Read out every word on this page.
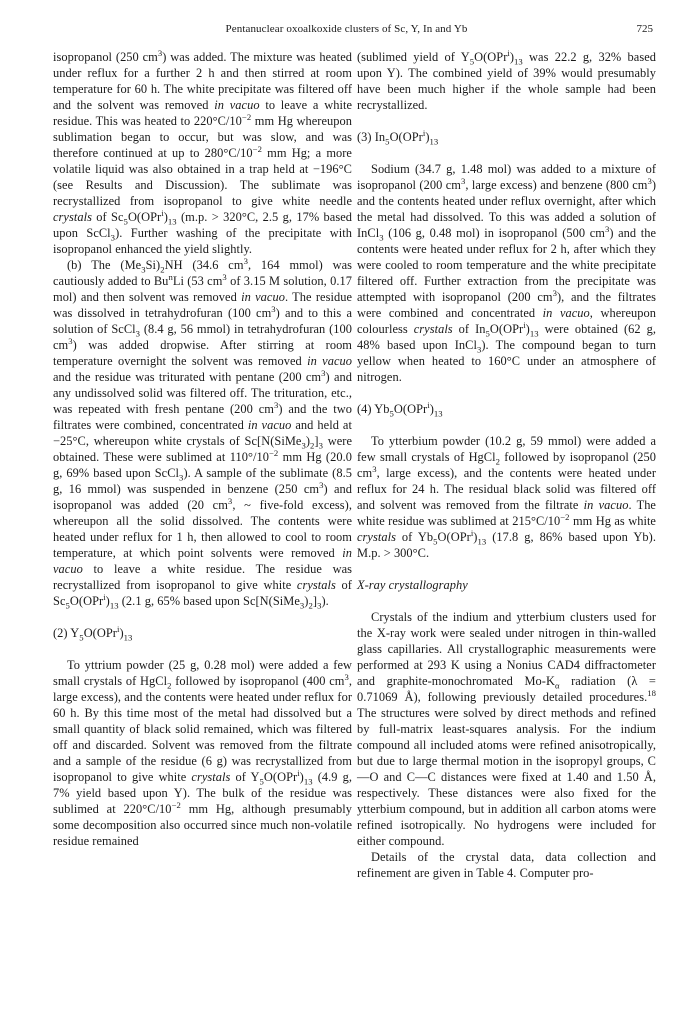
Pentanuclear oxoalkoxide clusters of Sc, Y, In and Yb	725

isopropanol (250 $cm^3$) was added. The mixture was heated under reflux for a further 2 h and then stirred at room temperature for 60 h. The white precipitate was filtered off and the solvent was removed in vacuo to leave a white residue. This was heated to $220^\circ C/10^{-2}$ mm Hg whereupon sublimation began to occur, but was slow, and was therefore continued at up to $280^\circ C/10^{-2}$ mm Hg; a more volatile liquid was also obtained in a trap held at −196°C (see Results and Discussion). The sublimate was recrystallized from isopropanol to give white needle crystals of $Sc_5O(OPr^i)_{13}$ (m.p. > 320°C, 2.5 g, 17% based upon ScCl$_3$). Further washing of the precipitate with isopropanol enhanced the yield slightly.

(b) The $(Me_3Si)_2NH$ (34.6 $cm^3$, 164 mmol) was cautiously added to Bu$^n$Li (53 $cm^3$ of 3.15 M solution, 0.17 mol) and then solvent was removed in vacuo. The residue was dissolved in tetrahydrofuran (100 $cm^3$) and to this a solution of ScCl$_3$ (8.4 g, 56 mmol) in tetrahydrofuran (100 $cm^3$) was added dropwise. After stirring at room temperature overnight the solvent was removed in vacuo and the residue was triturated with pentane (200 $cm^3$) and any undissolved solid was filtered off. The trituration, etc., was repeated with fresh pentane (200 $cm^3$) and the two filtrates were combined, concentrated in vacuo and held at −25°C, whereupon white crystals of $Sc[N(SiMe_3)_2]_3$ were obtained. These were sublimed at $110^\circ/10^{-2}$ mm Hg (20.0 g, 69% based upon ScCl$_3$). A sample of the sublimate (8.5 g, 16 mmol) was suspended in benzene (250 $cm^3$) and isopropanol was added (20 $cm^3$, ~ five-fold excess), whereupon all the solid dissolved. The contents were heated under reflux for 1 h, then allowed to cool to room temperature, at which point solvents were removed in vacuo to leave a white residue. The residue was recrystallized from isopropanol to give white crystals of $Sc_5O(OPr^i)_{13}$ (2.1 g, 65% based upon $Sc[N(SiMe_3)_2]_3$).

(2) $Y_5O(OPr^i)_{13}$

To yttrium powder (25 g, 0.28 mol) were added a few small crystals of HgCl$_2$ followed by isopropanol (400 $cm^3$, large excess), and the contents were heated under reflux for 60 h. By this time most of the metal had dissolved but a small quantity of black solid remained, which was filtered off and discarded. Solvent was removed from the filtrate and a sample of the residue (6 g) was recrystallized from isopropanol to give white crystals of $Y_5O(OPr^i)_{13}$ (4.9 g, 7% yield based upon Y). The bulk of the residue was sublimed at $220^\circ C/10^{-2}$ mm Hg, although presumably some decomposition also occurred since much non-volatile residue remained

(sublimed yield of $Y_5O(OPr^i)_{13}$ was 22.2 g, 32% based upon Y). The combined yield of 39% would presumably have been much higher if the whole sample had been recrystallized.

(3) $In_5O(OPr^i)_{13}$

Sodium (34.7 g, 1.48 mol) was added to a mixture of isopropanol (200 $cm^3$, large excess) and benzene (800 $cm^3$) and the contents heated under reflux overnight, after which the metal had dissolved. To this was added a solution of InCl$_3$ (106 g, 0.48 mol) in isopropanol (500 $cm^3$) and the contents were heated under reflux for 2 h, after which they were cooled to room temperature and the white precipitate filtered off. Further extraction from the precipitate was attempted with isopropanol (200 $cm^3$), and the filtrates were combined and concentrated in vacuo, whereupon colourless crystals of $In_5O(OPr^i)_{13}$ were obtained (62 g, 48% based upon InCl$_3$). The compound began to turn yellow when heated to 160°C under an atmosphere of nitrogen.

(4) $Yb_5O(OPr^i)_{13}$

To ytterbium powder (10.2 g, 59 mmol) were added a few small crystals of HgCl$_2$ followed by isopropanol (250 $cm^3$, large excess), and the contents were heated under reflux for 24 h. The residual black solid was filtered off and solvent was removed from the filtrate in vacuo. The white residue was sublimed at $215^\circ C/10^{-2}$ mm Hg as white crystals of $Yb_5O(OPr^i)_{13}$ (17.8 g, 86% based upon Yb). M.p. > 300°C.

X-ray crystallography

Crystals of the indium and ytterbium clusters used for the X-ray work were sealed under nitrogen in thin-walled glass capillaries. All crystallographic measurements were performed at 293 K using a Nonius CAD4 diffractometer and graphite-monochromated $Mo-K_\alpha$ radiation (λ = 0.71069 Å), following previously detailed procedures.$^{18}$ The structures were solved by direct methods and refined by full-matrix least-squares analysis. For the indium compound all included atoms were refined anisotropically, but due to large thermal motion in the isopropyl groups, C—O and C—C distances were fixed at 1.40 and 1.50 Å, respectively. These distances were also fixed for the ytterbium compound, but in addition all carbon atoms were refined isotropically. No hydrogens were included for either compound.

Details of the crystal data, data collection and refinement are given in Table 4. Computer pro-
